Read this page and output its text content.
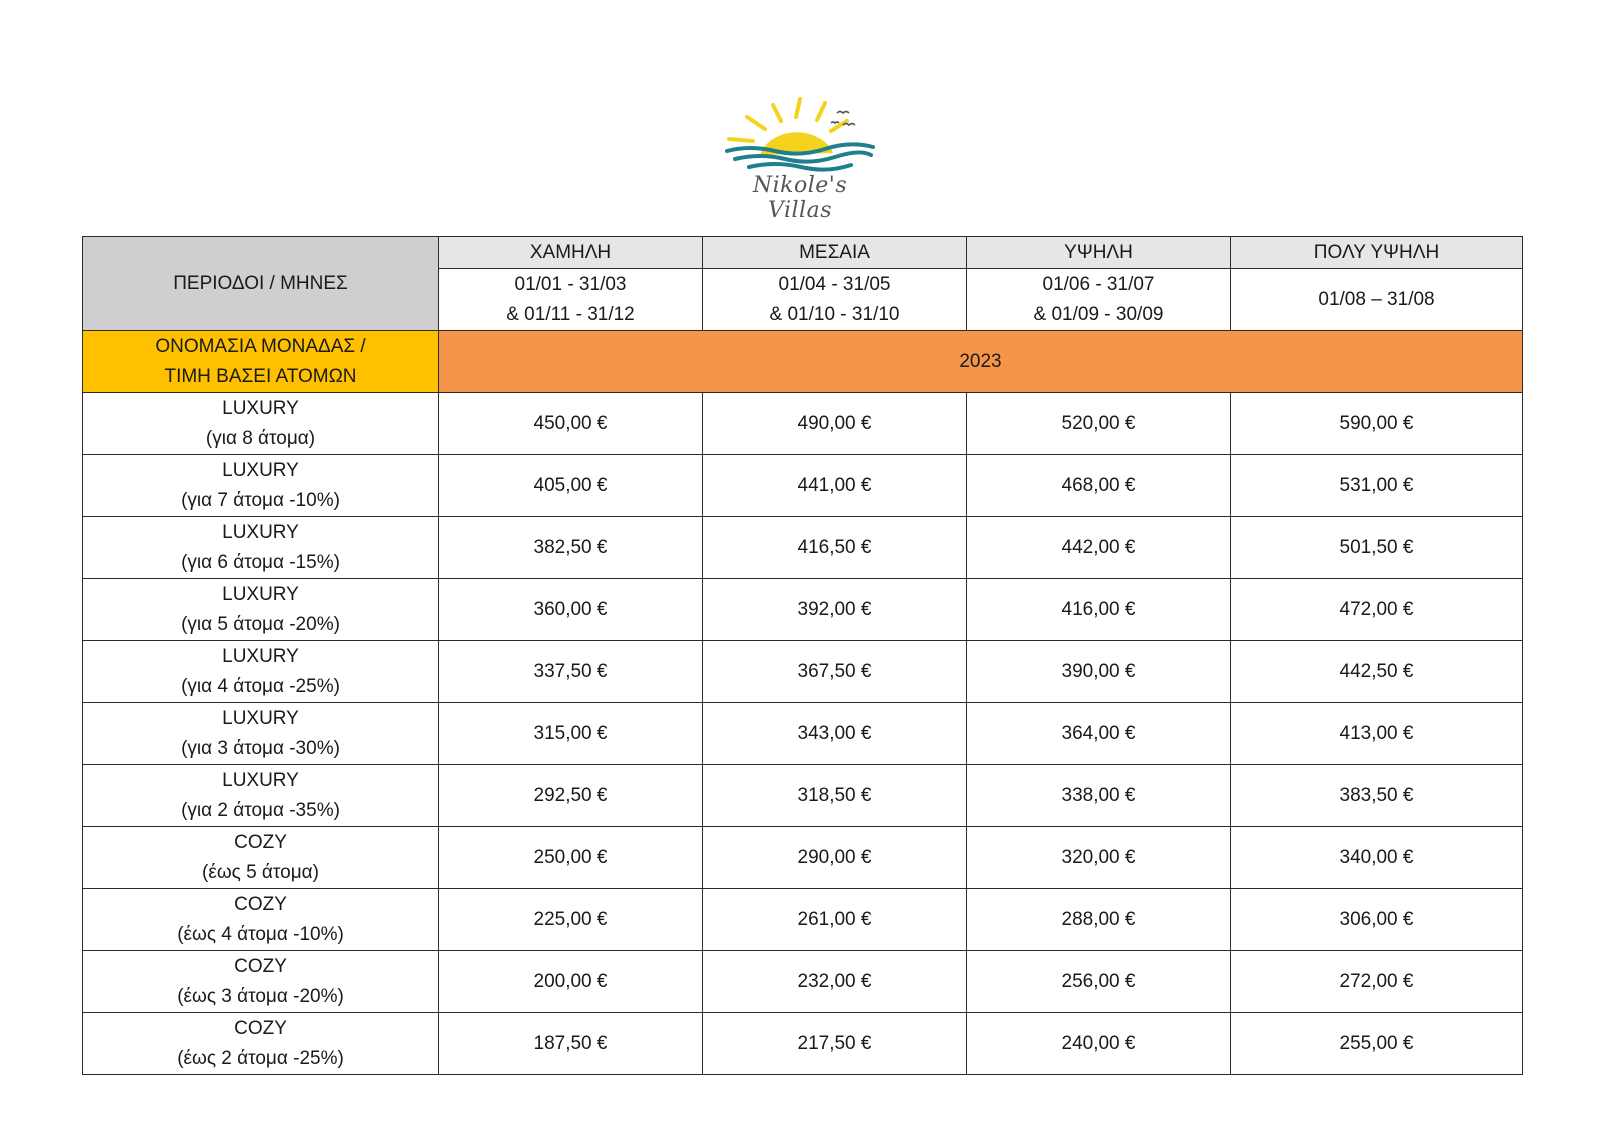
Nikole's Villas
ΠΕΡΙΟΔΟΙ / ΜΗΝΕΣ	ΧΑΜΗΛΗ	ΜΕΣΑΙΑ	ΥΨΗΛΗ	ΠΟΛΥ ΥΨΗΛΗ

	01/01 - 31/03
& 01/11 - 31/12	01/04 - 31/05
& 01/10 - 31/10	01/06 - 31/07
& 01/09 - 30/09	01/08 – 31/08

ΟΝΟΜΑΣΙΑ ΜΟΝΑΔΑΣ /
ΤΙΜΗ ΒΑΣΕΙ ΑΤΟΜΩΝ	2023			

LUXURY
(για 8 άτομα)	450,00 €	490,00 €	520,00 €	590,00 €

LUXURY
(για 7 άτομα -10%)	405,00 €	441,00 €	468,00 €	531,00 €

LUXURY
(για 6 άτομα -15%)	382,50 €	416,50 €	442,00 €	501,50 €

LUXURY
(για 5 άτομα -20%)	360,00 €	392,00 €	416,00 €	472,00 €

LUXURY
(για 4 άτομα -25%)	337,50 €	367,50 €	390,00 €	442,50 €

LUXURY
(για 3 άτομα -30%)	315,00 €	343,00 €	364,00 €	413,00 €

LUXURY
(για 2 άτομα -35%)	292,50 €	318,50 €	338,00 €	383,50 €

COZY
(έως 5 άτομα)	250,00 €	290,00 €	320,00 €	340,00 €

COZY
(έως 4 άτομα -10%)	225,00 €	261,00 €	288,00 €	306,00 €

COZY
(έως 3 άτομα -20%)	200,00 €	232,00 €	256,00 €	272,00 €

COZY
(έως 2 άτομα -25%)	187,50 €	217,50 €	240,00 €	255,00 €
